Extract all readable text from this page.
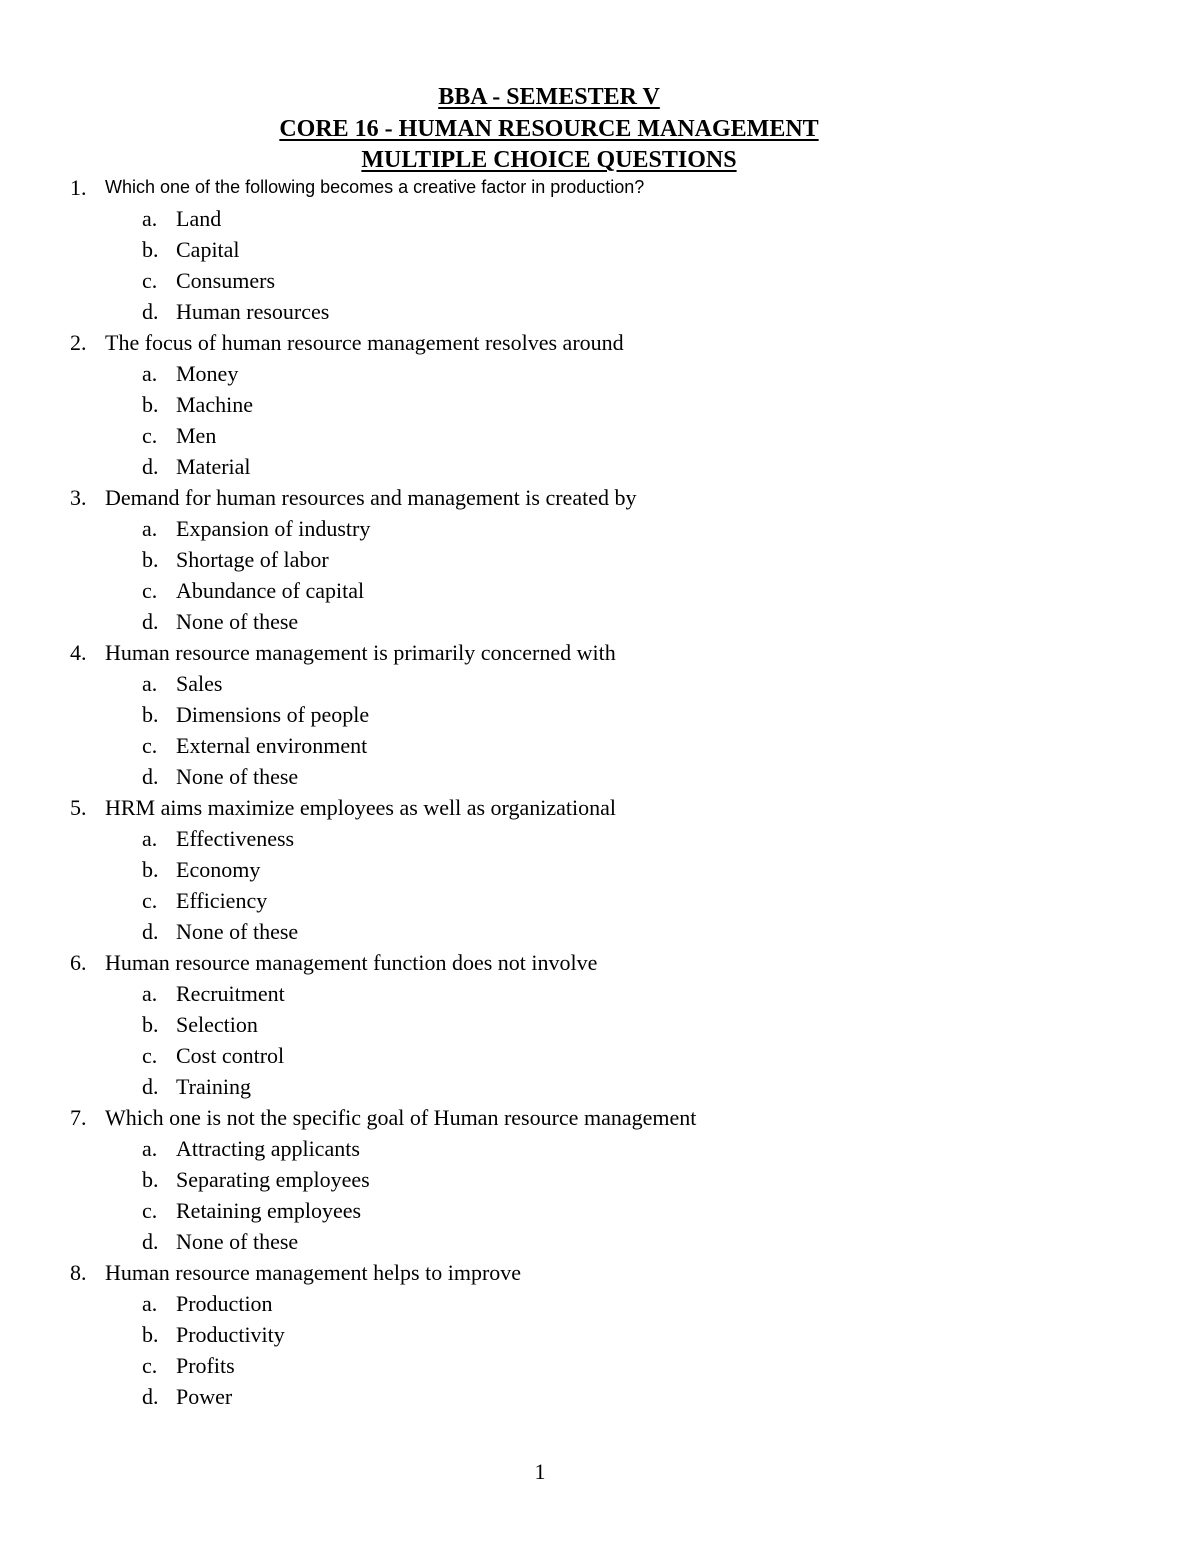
BBA - SEMESTER V
CORE 16 - HUMAN RESOURCE MANAGEMENT
MULTIPLE CHOICE QUESTIONS
1. Which one of the following becomes a creative factor in production?
a. Land
b. Capital
c. Consumers
d. Human resources
2. The focus of human resource management resolves around
a. Money
b. Machine
c. Men
d. Material
3. Demand for human resources and management is created by
a. Expansion of industry
b. Shortage of labor
c. Abundance of capital
d. None of these
4. Human resource management is primarily concerned with
a. Sales
b. Dimensions of people
c. External environment
d. None of these
5. HRM aims maximize employees as well as organizational
a. Effectiveness
b. Economy
c. Efficiency
d. None of these
6. Human resource management function does not involve
a. Recruitment
b. Selection
c. Cost control
d. Training
7. Which one is not the specific goal of Human resource management
a. Attracting applicants
b. Separating employees
c. Retaining employees
d. None of these
8. Human resource management helps to improve
a. Production
b. Productivity
c. Profits
d. Power
1
